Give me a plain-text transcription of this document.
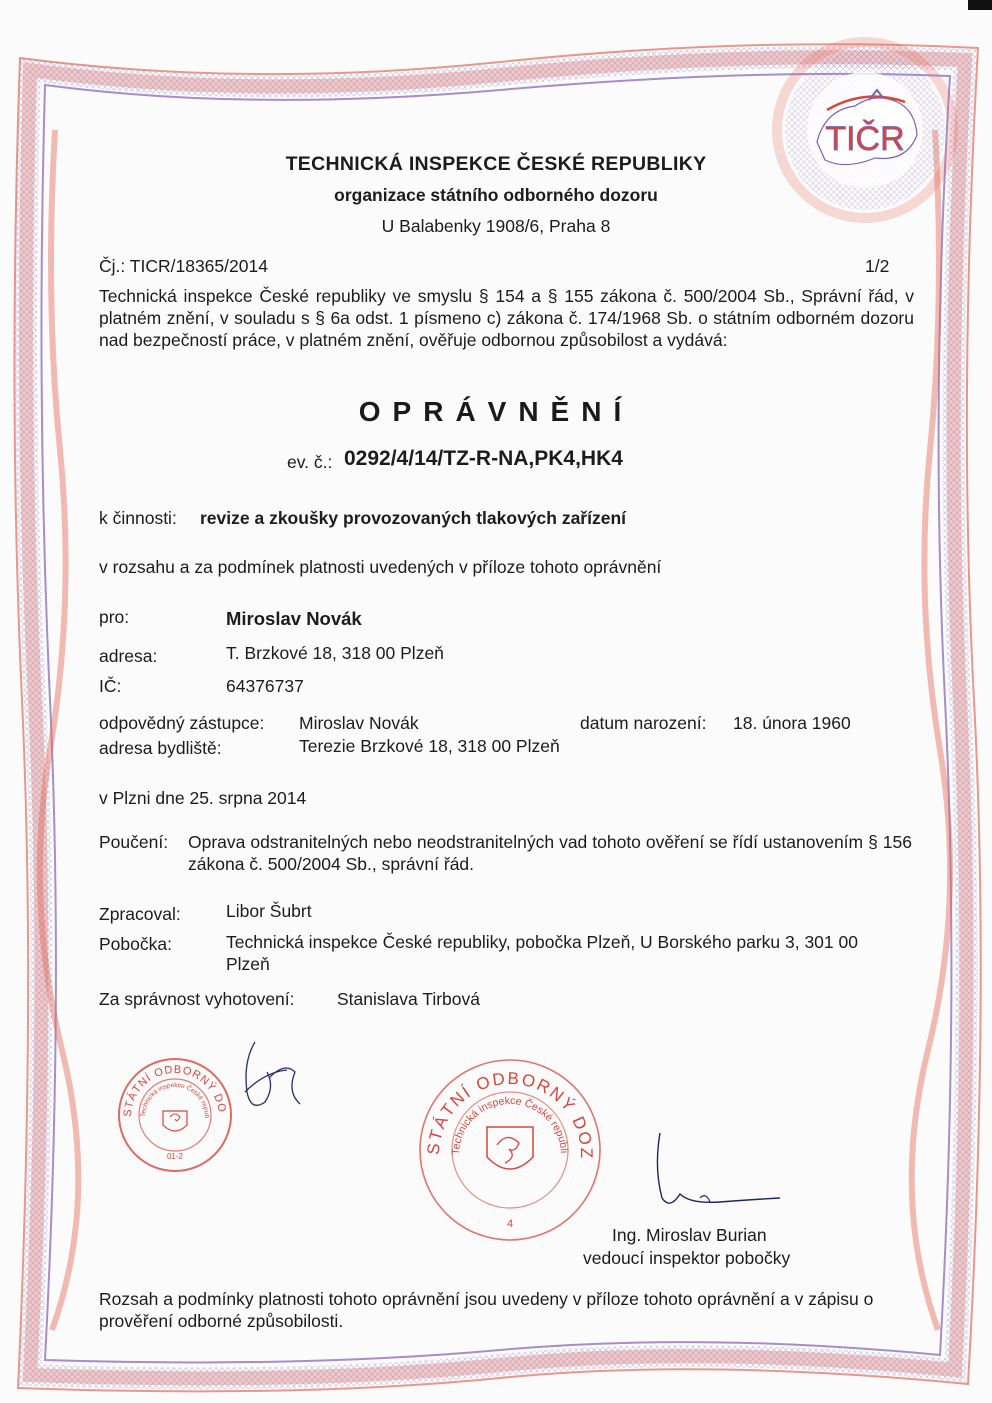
TIČR
TECHNICKÁ INSPEKCE ČESKÉ REPUBLIKY
organizace státního odborného dozoru
U Balabenky 1908/6, Praha 8
Čj.: TICR/18365/2014	1/2
Technická inspekce České republiky ve smyslu § 154 a § 155 zákona č. 500/2004 Sb., Správní řád, v platném znění, v souladu s § 6a odst. 1 písmeno c) zákona č. 174/1968 Sb. o státním odborném dozoru nad bezpečností práce, v platném znění, ověřuje odbornou způsobilost a vydává:
OPRÁVNĚNÍ
ev. č.: 0292/4/14/TZ-R-NA,PK4,HK4
k činnosti: revize a zkoušky provozovaných tlakových zařízení
v rozsahu a za podmínek platnosti uvedených v příloze tohoto oprávnění
pro:	Miroslav Novák
adresa:	T. Brzkové 18, 318 00 Plzeň
IČ:	64376737
odpovědný zástupce: Miroslav Novák	datum narození: 18. února 1960
adresa bydliště:	Terezie Brzkové 18, 318 00 Plzeň
v Plzni dne 25. srpna 2014
Poučení: Oprava odstranitelných nebo neodstranitelných vad tohoto ověření se řídí ustanovením § 156 zákona č. 500/2004 Sb., správní řád.
Zpracoval:	Libor Šubrt
Pobočka:	Technická inspekce České republiky, pobočka Plzeň, U Borského parku 3, 301 00 Plzeň
Za správnost vyhotovení: Stanislava Tirbová
STÁTNÍ ODBORNÝ DO
Technická inspekce České repub
01-2
STÁTNÍ ODBORNÝ DOZ
Technická inspekce České republi
4
Ing. Miroslav Burian
vedoucí inspektor pobočky
Rozsah a podmínky platnosti tohoto oprávnění jsou uvedeny v příloze tohoto oprávnění a v zápisu o prověření odborné způsobilosti.
